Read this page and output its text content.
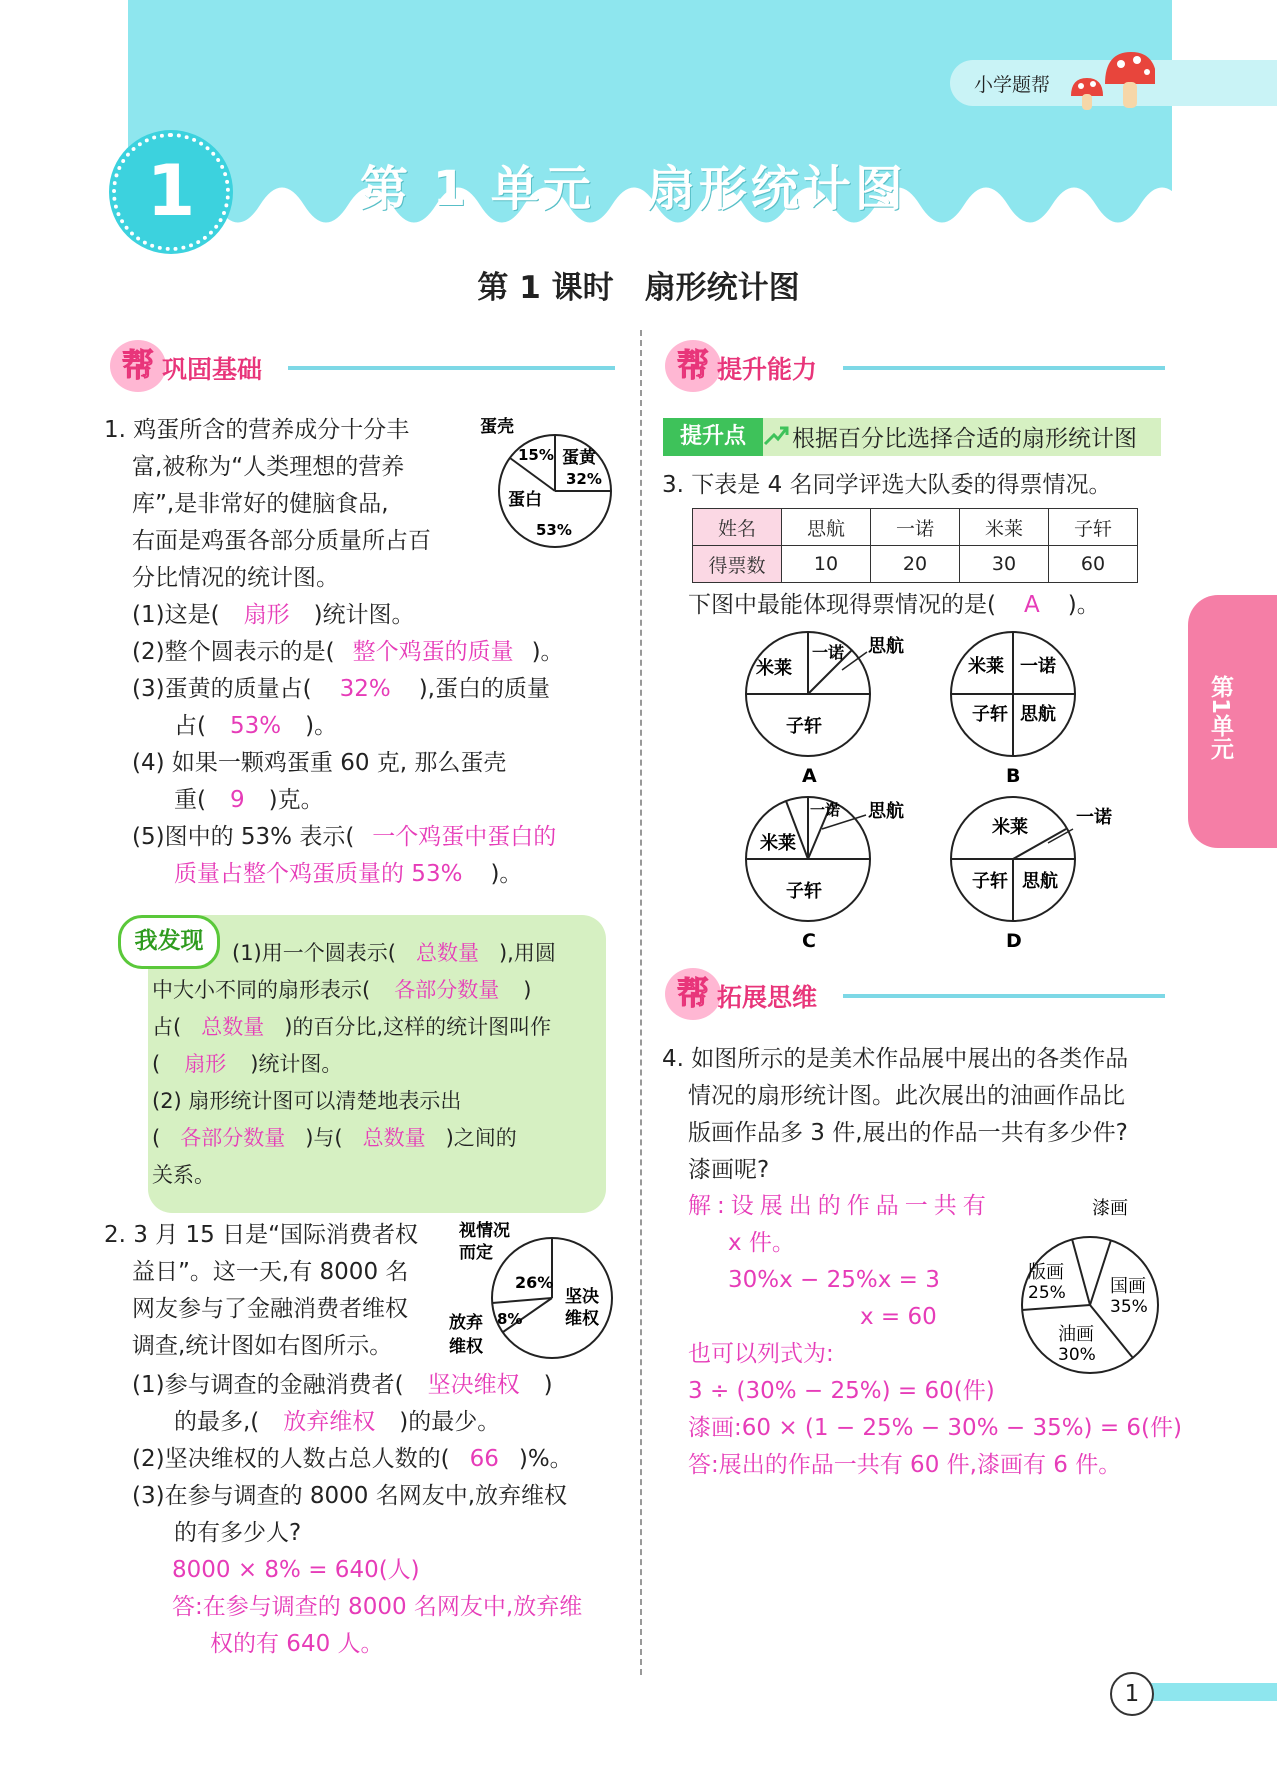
小学题帮
1	第 1 单元　扇形统计图
第 1 课时　扇形统计图
帮 巩固基础
1. 鸡蛋所含的营养成分十分丰
富,被称为“人类理想的营养
库”,是非常好的健脑食品,
右面是鸡蛋各部分质量所占百
分比情况的统计图。
蛋壳
15% 蛋黄
32%
蛋白
53%
(1)这是( 扇形 )统计图。
(2)整个圆表示的是( 整个鸡蛋的质量 )。
(3)蛋黄的质量占( 32% ),蛋白的质量
占( 53% )。
(4) 如果一颗鸡蛋重 60 克, 那么蛋壳
重( 9 )克。
(5)图中的 53% 表示( 一个鸡蛋中蛋白的
质量占整个鸡蛋质量的 53% )。
我发现	(1)用一个圆表示( 总数量 ),用圆
中大小不同的扇形表示( 各部分数量 )
占( 总数量 )的百分比,这样的统计图叫作
( 扇形 )统计图。
(2) 扇形统计图可以清楚地表示出
( 各部分数量 )与( 总数量 )之间的
关系。
2. 3 月 15 日是“国际消费者权
益日”。这一天,有 8000 名
网友参与了金融消费者维权
调查,统计图如右图所示。
视情况
而定
26%
坚决
维权
放弃
维权
8%
(1)参与调查的金融消费者( 坚决维权 )
的最多,( 放弃维权 )的最少。
(2)坚决维权的人数占总人数的( 66 )%。
(3)在参与调查的 8000 名网友中,放弃维权
的有多少人?
8000 × 8% = 640(人)
答:在参与调查的 8000 名网友中,放弃维
权的有 640 人。
帮 提升能力
提升点	根据百分比选择合适的扇形统计图
3. 下表是 4 名同学评选大队委的得票情况。
姓名	思航	一诺	米莱	子轩
得票数	10	20	30	60
下图中最能体现得票情况的是( A )。
米莱
一诺 思航
子轩
A
米莱 一诺
子轩 思航
B
一诺 思航
米莱
子轩
C
米莱	一诺
子轩 思航
D
帮 拓展思维
4. 如图所示的是美术作品展中展出的各类作品
情况的扇形统计图。此次展出的油画作品比
版画作品多 3 件,展出的作品一共有多少件?
漆画呢?
漆画
版画
25% 国画
35%
油画
30%
解:设展出的作品一共有
x 件。
30%x − 25%x = 3
x = 60
也可以列式为:
3 ÷ (30% − 25%) = 60(件)
漆画:60 × (1 − 25% − 30% − 35%) = 6(件)
答:展出的作品一共有 60 件,漆画有 6 件。
第1单元
1
